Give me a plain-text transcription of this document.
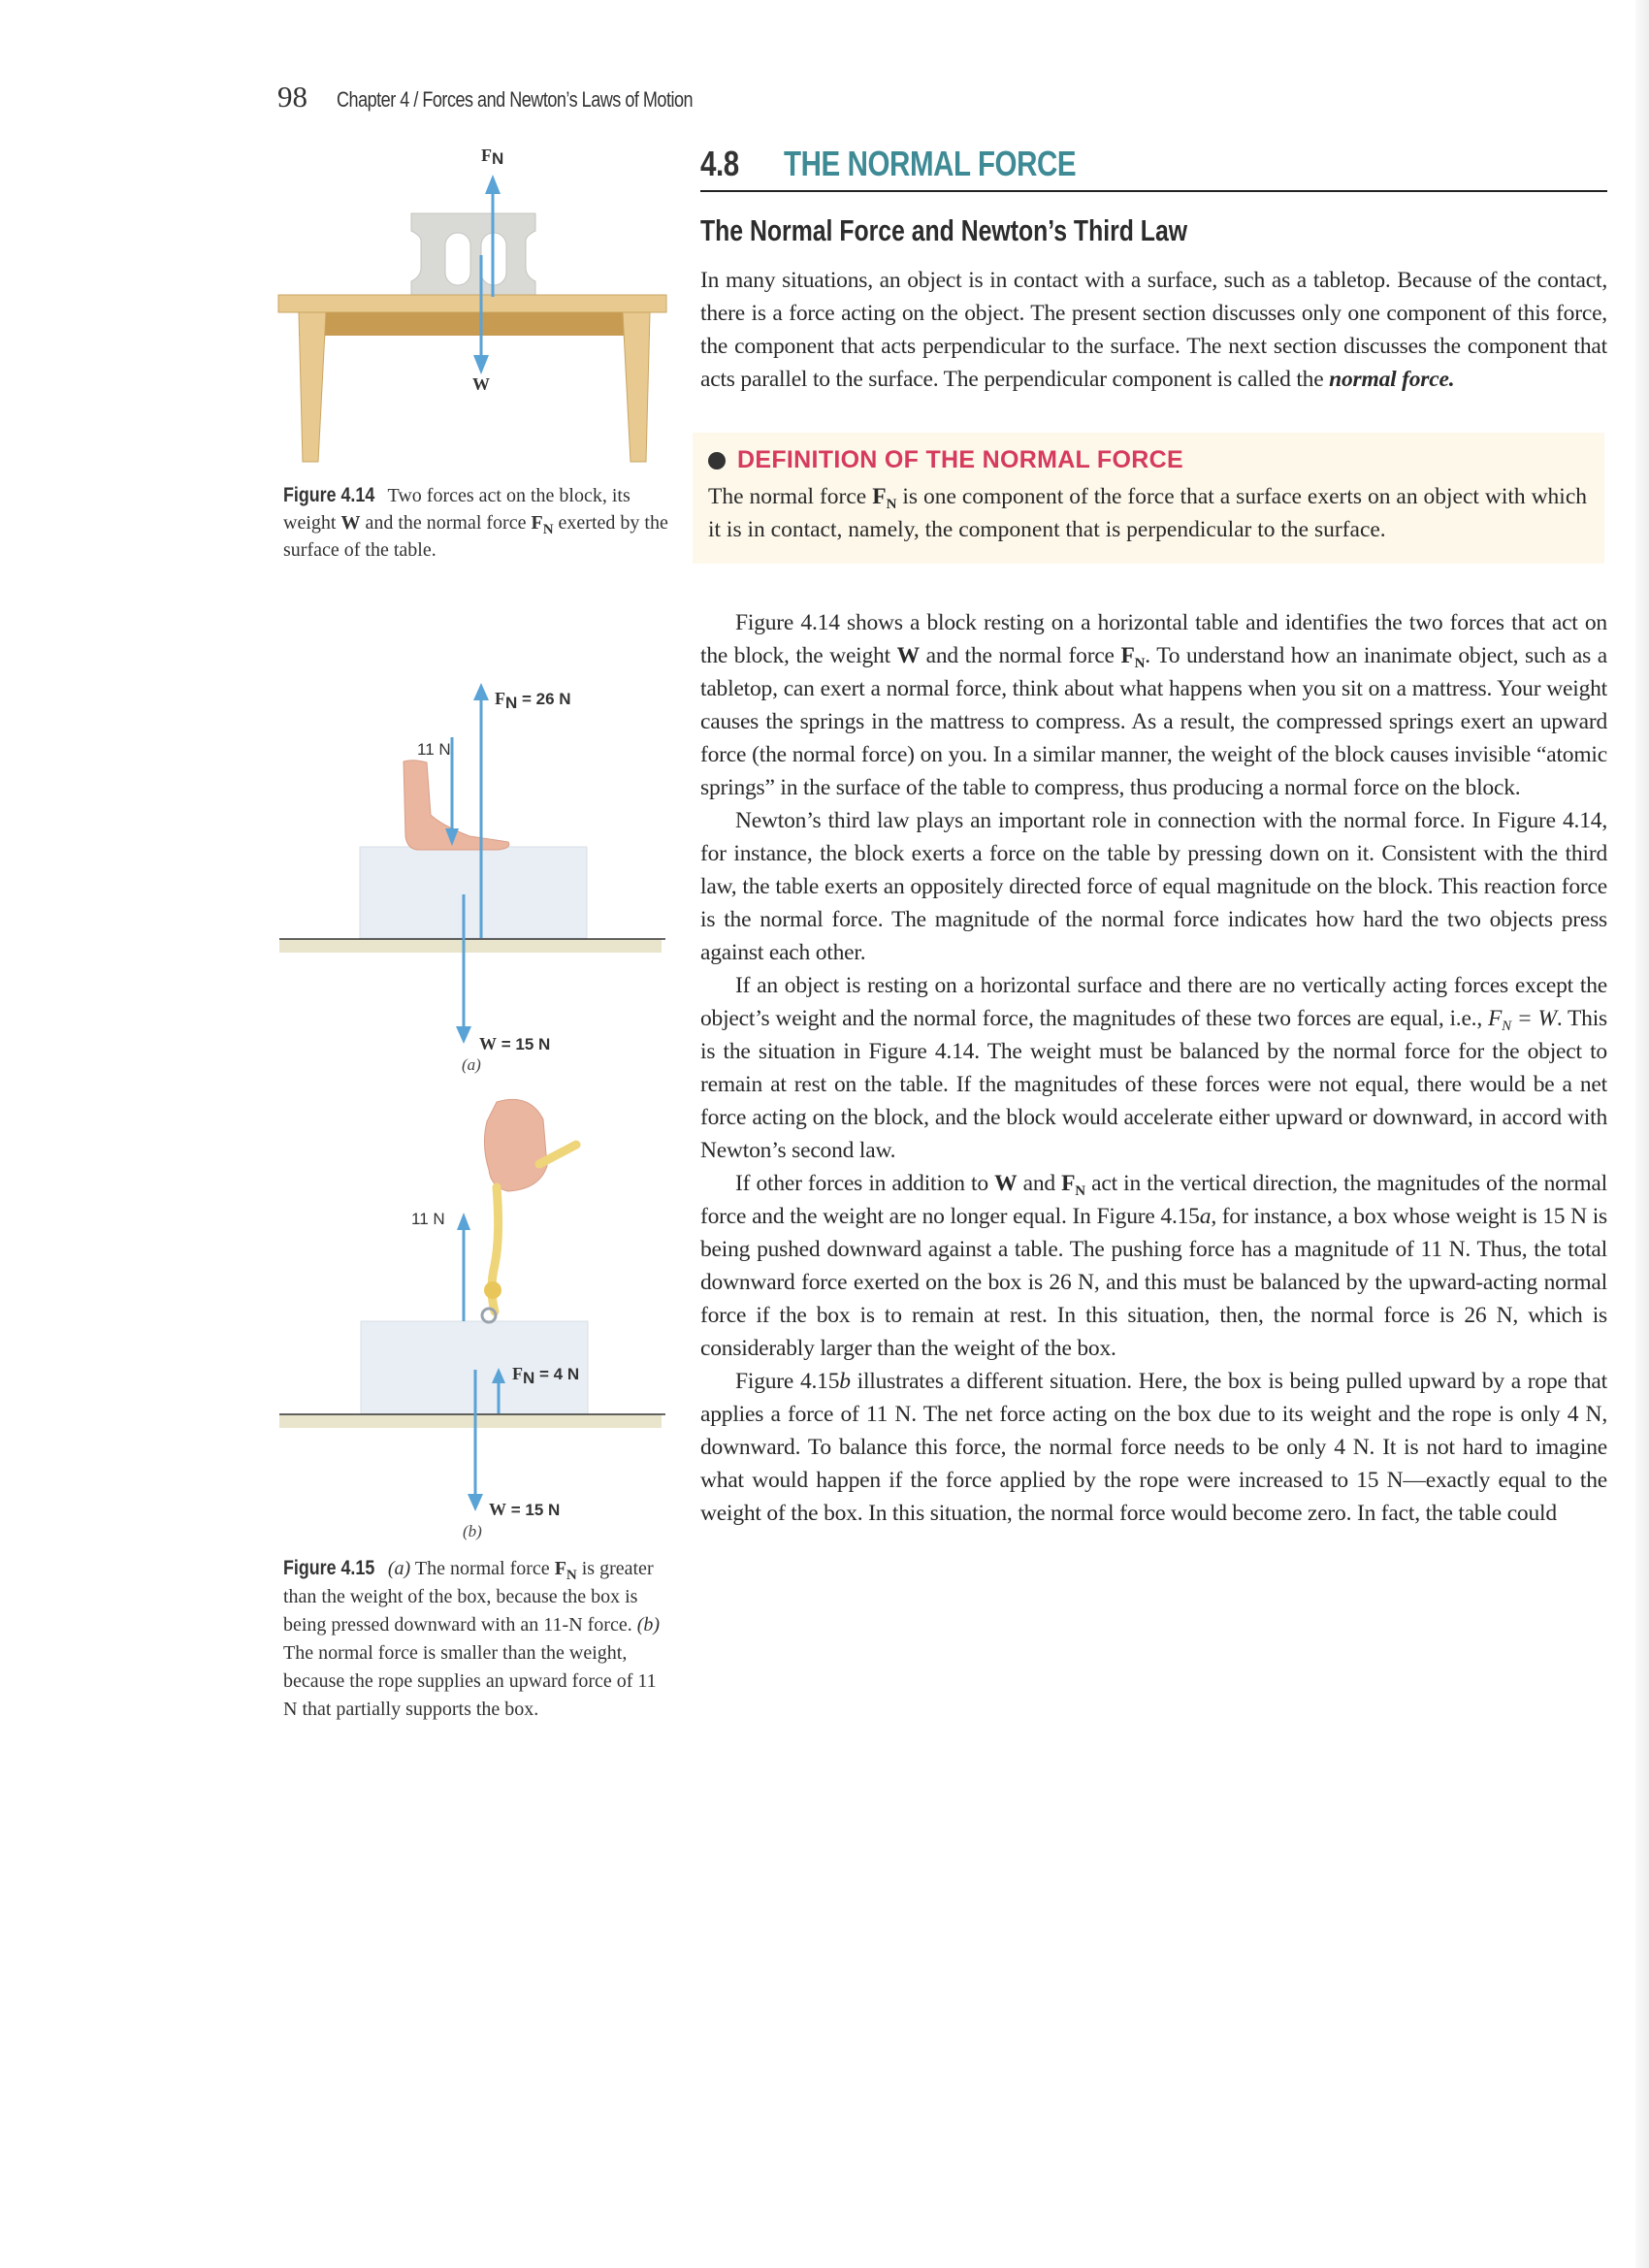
98 Chapter 4 / Forces and Newton’s Laws of Motion
FN
W
Figure 4.14 Two forces act on the block, its weight W and the normal force $F_N$ exerted by the surface of the table.
11 N
FN = 26 N
W = 15 N
(a)
11 N
FN = 4 N
W = 15 N
(b)
Figure 4.15 (a) The normal force $F_N$ is greater than the weight of the box, because the box is being pressed downward with an 11-N force. (b) The normal force is smaller than the weight, because the rope supplies an upward force of 11 N that partially supports the box.
4.8 THE NORMAL FORCE
The Normal Force and Newton’s Third Law

In many situations, an object is in contact with a surface, such as a tabletop. Because of the contact, there is a force acting on the object. The present section discusses only one component of this force, the component that acts perpendicular to the surface. The next section discusses the component that acts parallel to the surface. The perpendicular component is called the normal force.

DEFINITION OF THE NORMAL FORCE
The normal force $F_N$ is one component of the force that a surface exerts on an object with which it is in contact, namely, the component that is perpendicular to the surface.

Figure 4.14 shows a block resting on a horizontal table and identifies the two forces that act on the block, the weight W and the normal force $F_N$. To understand how an inanimate object, such as a tabletop, can exert a normal force, think about what happens when you sit on a mattress. Your weight causes the springs in the mattress to compress. As a result, the compressed springs exert an upward force (the normal force) on you. In a similar manner, the weight of the block causes invisible “atomic springs” in the surface of the table to compress, thus producing a normal force on the block.

Newton’s third law plays an important role in connection with the normal force. In Figure 4.14, for instance, the block exerts a force on the table by pressing down on it. Consistent with the third law, the table exerts an oppositely directed force of equal magnitude on the block. This reaction force is the normal force. The magnitude of the normal force indicates how hard the two objects press against each other.

If an object is resting on a horizontal surface and there are no vertically acting forces except the object’s weight and the normal force, the magnitudes of these two forces are equal, i.e., $F_N = W$. This is the situation in Figure 4.14. The weight must be balanced by the normal force for the object to remain at rest on the table. If the magnitudes of these forces were not equal, there would be a net force acting on the block, and the block would accelerate either upward or downward, in accord with Newton’s second law.

If other forces in addition to W and $F_N$ act in the vertical direction, the magnitudes of the normal force and the weight are no longer equal. In Figure 4.15a, for instance, a box whose weight is 15 N is being pushed downward against a table. The pushing force has a magnitude of 11 N. Thus, the total downward force exerted on the box is 26 N, and this must be balanced by the upward-acting normal force if the box is to remain at rest. In this situation, then, the normal force is 26 N, which is considerably larger than the weight of the box.

Figure 4.15b illustrates a different situation. Here, the box is being pulled upward by a rope that applies a force of 11 N. The net force acting on the box due to its weight and the rope is only 4 N, downward. To balance this force, the normal force needs to be only 4 N. It is not hard to imagine what would happen if the force applied by the rope were increased to 15 N—exactly equal to the weight of the box. In this situation, the normal force would become zero. In fact, the table could
